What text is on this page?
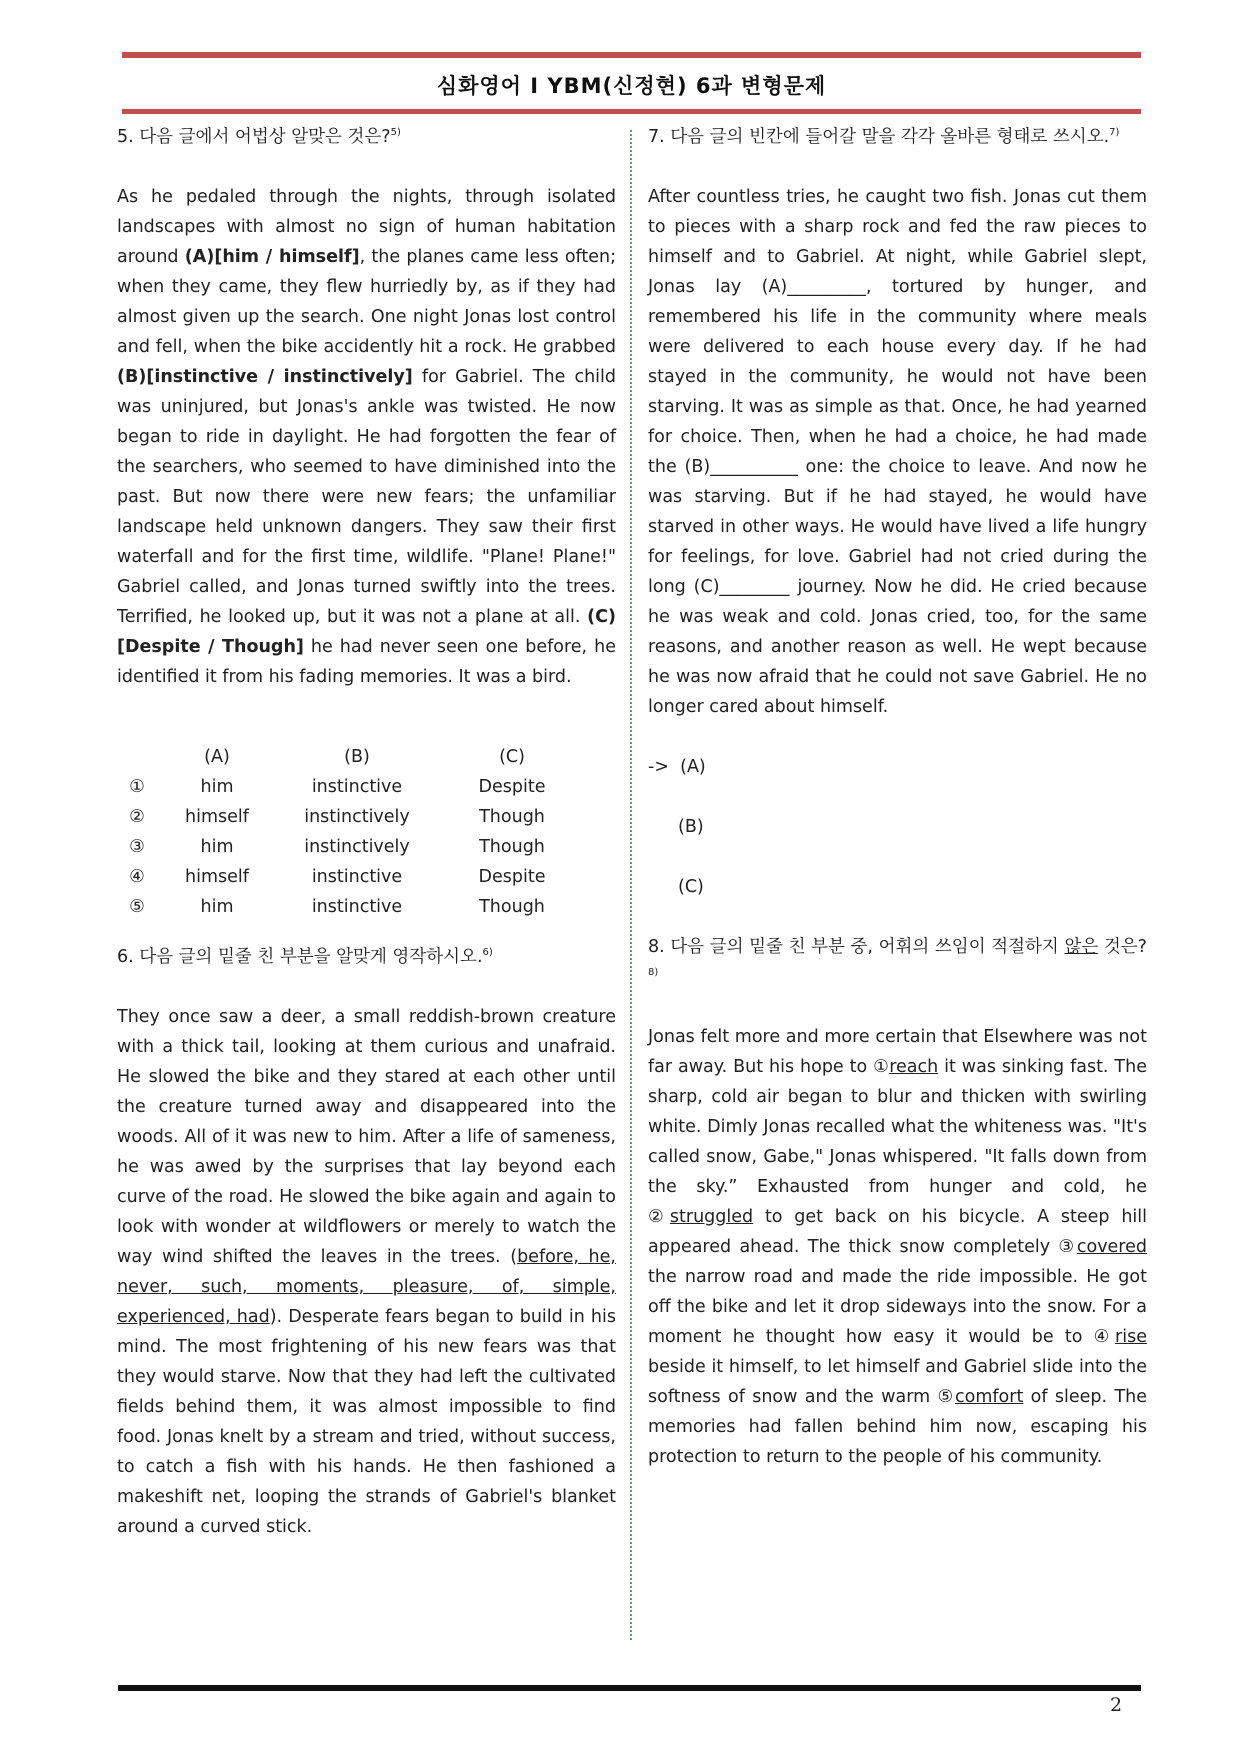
심화영어 I YBM(신정현) 6과 변형문제

5. 다음 글에서 어법상 알맞은 것은?$^{5)}$

As he pedaled through the nights, through isolated landscapes with almost no sign of human habitation around (A)[him / himself], the planes came less often; when they came, they flew hurriedly by, as if they had almost given up the search. One night Jonas lost control and fell, when the bike accidently hit a rock. He grabbed (B)[instinctive / instinctively] for Gabriel. The child was uninjured, but Jonas's ankle was twisted. He now began to ride in daylight. He had forgotten the fear of the searchers, who seemed to have diminished into the past. But now there were new fears; the unfamiliar landscape held unknown dangers. They saw their first waterfall and for the first time, wildlife. "Plane! Plane!" Gabriel called, and Jonas turned swiftly into the trees. Terrified, he looked up, but it was not a plane at all. (C)[Despite / Though] he had never seen one before, he identified it from his fading memories. It was a bird.

	(A)	(B)	(C)
①	him	instinctive	Despite
②	himself	instinctively	Though
③	him	instinctively	Though
④	himself	instinctive	Despite
⑤	him	instinctive	Though

6. 다음 글의 밑줄 친 부분을 알맞게 영작하시오.$^{6)}$

They once saw a deer, a small reddish-brown creature with a thick tail, looking at them curious and unafraid. He slowed the bike and they stared at each other until the creature turned away and disappeared into the woods. All of it was new to him. After a life of sameness, he was awed by the surprises that lay beyond each curve of the road. He slowed the bike again and again to look with wonder at wildflowers or merely to watch the way wind shifted the leaves in the trees. (before, he, never, such, moments, pleasure, of, simple, experienced, had). Desperate fears began to build in his mind. The most frightening of his new fears was that they would starve. Now that they had left the cultivated fields behind them, it was almost impossible to find food. Jonas knelt by a stream and tried, without success, to catch a fish with his hands. He then fashioned a makeshift net, looping the strands of Gabriel's blanket around a curved stick.

7. 다음 글의 빈칸에 들어갈 말을 각각 올바른 형태로 쓰시오.$^{7)}$

After countless tries, he caught two fish. Jonas cut them to pieces with a sharp rock and fed the raw pieces to himself and to Gabriel. At night, while Gabriel slept, Jonas lay (A)_________, tortured by hunger, and remembered his life in the community where meals were delivered to each house every day. If he had stayed in the community, he would not have been starving. It was as simple as that. Once, he had yearned for choice. Then, when he had a choice, he had made the (B)__________ one: the choice to leave. And now he was starving. But if he had stayed, he would have starved in other ways. He would have lived a life hungry for feelings, for love. Gabriel had not cried during the long (C)________ journey. Now he did. He cried because he was weak and cold. Jonas cried, too, for the same reasons, and another reason as well. He wept because he was now afraid that he could not save Gabriel. He no longer cared about himself.

-> (A)

(B)

(C)

8. 다음 글의 밑줄 친 부분 중, 어휘의 쓰임이 적절하지 않은 것은?$^{8)}$

Jonas felt more and more certain that Elsewhere was not far away. But his hope to ①reach it was sinking fast. The sharp, cold air began to blur and thicken with swirling white. Dimly Jonas recalled what the whiteness was. "It's called snow, Gabe," Jonas whispered. "It falls down from the sky.” Exhausted from hunger and cold, he ②struggled to get back on his bicycle. A steep hill appeared ahead. The thick snow completely ③covered the narrow road and made the ride impossible. He got off the bike and let it drop sideways into the snow. For a moment he thought how easy it would be to ④rise beside it himself, to let himself and Gabriel slide into the softness of snow and the warm ⑤comfort of sleep. The memories had fallen behind him now, escaping his protection to return to the people of his community.

2
